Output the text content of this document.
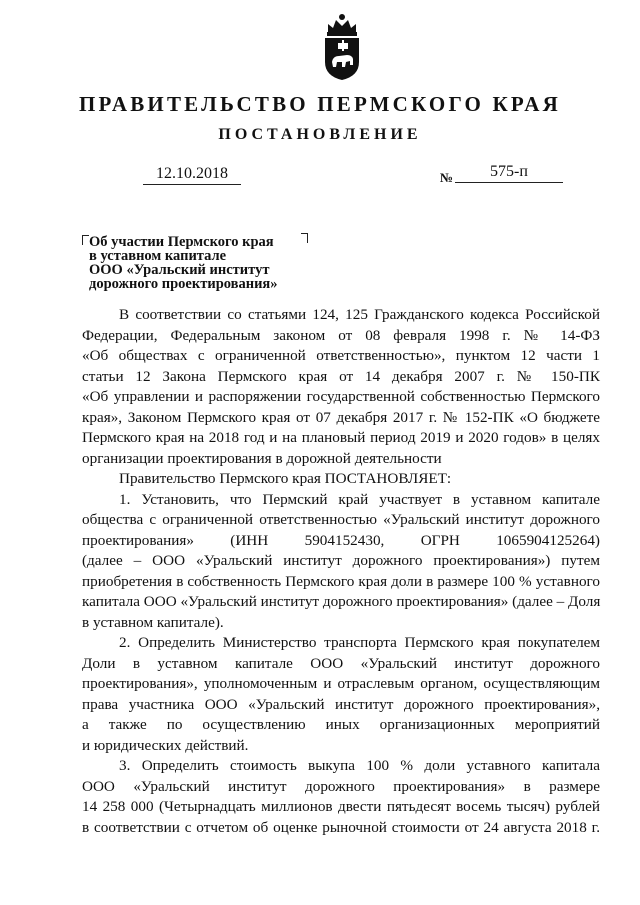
ПРАВИТЕЛЬСТВО ПЕРМСКОГО КРАЯ
ПОСТАНОВЛЕНИЕ
12.10.2018	№	575-п
Об участии Пермского края
в уставном капитале
ООО «Уральский институт
дорожного проектирования»
В соответствии со статьями 124, 125 Гражданского кодекса Российской
Федерации, Федеральным законом от 08 февраля 1998 г. № 14-ФЗ
«Об обществах с ограниченной ответственностью», пунктом 12 части 1
статьи 12 Закона Пермского края от 14 декабря 2007 г. № 150-ПК
«Об управлении и распоряжении государственной собственностью Пермского
края», Законом Пермского края от 07 декабря 2017 г. № 152-ПК «О бюджете
Пермского края на 2018 год и на плановый период 2019 и 2020 годов» в целях
организации проектирования в дорожной деятельности
Правительство Пермского края ПОСТАНОВЛЯЕТ:
1. Установить, что Пермский край участвует в уставном капитале
общества с ограниченной ответственностью «Уральский институт дорожного
проектирования» (ИНН 5904152430, ОГРН 1065904125264)
(далее – ООО «Уральский институт дорожного проектирования») путем
приобретения в собственность Пермского края доли в размере 100 % уставного
капитала ООО «Уральский институт дорожного проектирования» (далее – Доля
в уставном капитале).
2. Определить Министерство транспорта Пермского края покупателем
Доли в уставном капитале ООО «Уральский институт дорожного
проектирования», уполномоченным и отраслевым органом, осуществляющим
права участника ООО «Уральский институт дорожного проектирования»,
а также по осуществлению иных организационных мероприятий
и юридических действий.
3. Определить стоимость выкупа 100 % доли уставного капитала
ООО «Уральский институт дорожного проектирования» в размере
14 258 000 (Четырнадцать миллионов двести пятьдесят восемь тысяч) рублей
в соответствии с отчетом об оценке рыночной стоимости от 24 августа 2018 г.
